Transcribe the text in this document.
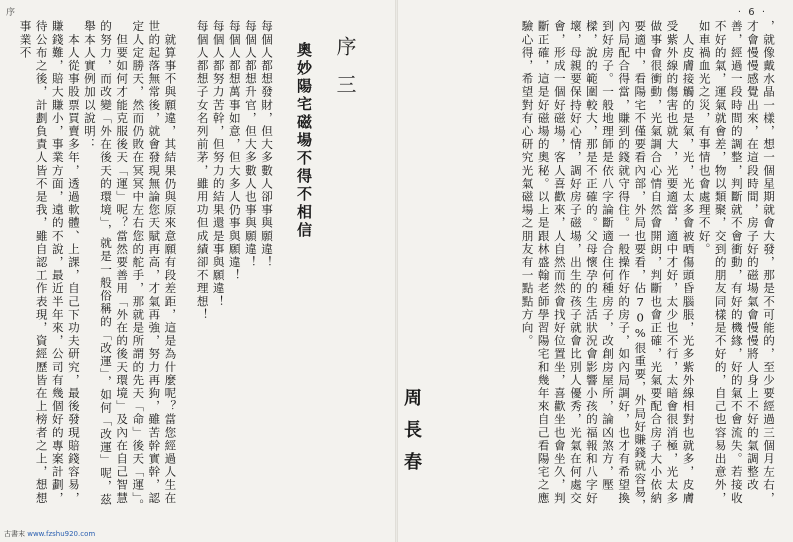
序	· 6 ·
，就像戴水晶一樣，想一個星期就會大發，那是不可能的，至少要經過三個月左右，才會慢慢感覺出來，在這段時間，房子好的磁場氣會慢慢將人身上不好的氣調整改善，經過一段時間的調整，判斷就不會衝動，有好的機緣，好的氣不會流失。若接收不好的氣，運氣就會差，物以類聚，交到的朋友同樣是不好的，自己也容易出意外，如車禍血光之災，有事情也會處理不好。
　人皮膚接觸的是氣，光，光太多會被晒傷頭昏腦脹，光多紫外線相對也就多，皮膚受紫外線的傷害也就大，光要適當，適中才好，太少也不行，太暗會很消極，光太多做事會很衝動，光氣調合心情自然會開朗，判斷也會正確，光氣要配合房子大小依納要適中，看陽宅不僅要看內部，外局也要看，佔70%很重要，外局好賺錢就容易，內局配合得當，賺到的錢就守得住。一般操作好的房子，如內局調好，也才有希望換到好房子。一般地理師是依八字論斷適合住何種房子，改創房屋所，論凶煞方，壓樑，說的範圍較大，那是不正確的。父母懷孕的生活狀況會影響小孩的福報和八字好壞，母親要保持好心情，調好房子磁場，出生的孩子就會比別人優秀，光氣在何處交會，形成一個好磁場，客人喜歡來，人自然而然會找好位置坐，喜歡坐也會坐久，判斷正確，這是好磁場的奧秘。以上是跟林盛翰老師學習陽宅和幾年來自己看陽宅之應驗心得，希望對有心研究光氣磁場之朋友有一點點方向。
周長春
序三
奧妙陽宅磁場不得不相信
每個人都想發財，但大多數人卻事與願違！
每個人都想升官，但大多數人也事與願違！
每個人都想萬事如意，但大多人仍事與願違！
每個人都努力苦幹，但努力的結果還是事與願違！
每個人都想子女名列前茅，雖用功但成績卻不理想！

　就算事不與願違，其結果仍與原來意願有段差距，這是為什麼呢？當您經過人生在世的起落無常後，就會發現無論您天賦再高，才氣再強，努力再狗，雖苦幹實幹，認定人定勝天，然而仍敗在冥冥中左右您的舵手，那就是所謂的先天「命」後天「運」。
　但要如何才能克服後天「運」呢？當然要善用「外在的後天環境」及內在自己智慧的努力，而改變「外在後天的環境」，就是一般俗稱的「改運」，如何「改運」呢，茲舉本人實例加以說明：
　本人從事股票買賣多年，透過軟體、上課，自己下功夫研究，最後發現賠錢容易，賺錢難，賠大賺小，事業方面，遠的不說，最近半年來，公司有幾個好的專案計劃，待公布之後，計劃負責人皆不是我，雖自認工作表現，資經歷皆在上榜者之上，想想事業不
古書末 www.fzshu920.com
